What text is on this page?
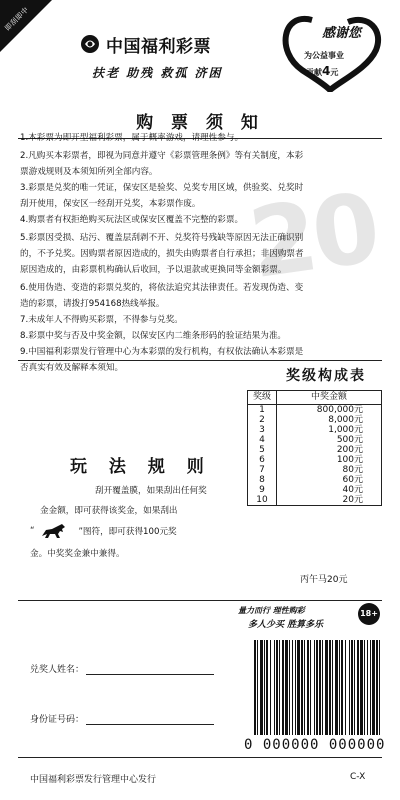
即刮即中
中国福利彩票
扶老 助残 救孤 济困
感谢您
为公益事业
贡献4元
购 票 须 知
20
1.本彩票为即开型福利彩票，属于概率游戏，请理性参与。
2.凡购买本彩票者，即视为同意并遵守《彩票管理条例》等有关制度，本彩
票游戏规则及本须知所列全部内容。
3.彩票是兑奖的唯一凭证，保安区是验奖、兑奖专用区域，供验奖、兑奖时
刮开使用，保安区一经刮开兑奖，本彩票作废。
4.购票者有权拒绝购买玩法区或保安区覆盖不完整的彩票。
5.彩票因受损、玷污、覆盖层刮剥不开、兑奖符号残缺等原因无法正确识别
的，不予兑奖。因购票者原因造成的，损失由购票者自行承担；非因购票者
原因造成的，由彩票机构确认后收回，予以退款或更换同等金额彩票。
6.使用伪造、变造的彩票兑奖的，将依法追究其法律责任。若发现伪造、变
造的彩票，请拨打954168热线举报。
7.未成年人不得购买彩票，不得参与兑奖。
8.彩票中奖与否及中奖金额，以保安区内二维条形码的验证结果为准。
9.中国福利彩票发行管理中心为本彩票的发行机构，有权依法确认本彩票是
否真实有效及解释本须知。	奖级构成表
奖级	中奖金额
1	800,000元
2	8,000元
3	1,000元
4	500元
5	200元
6	100元
7	80元
8	60元
9	40元
10	20元
丙午马20元
玩 法 规 则
刮开覆盖膜，如果刮出任何奖
金金额，即可获得该奖金，如果刮出
“	”图符，即可获得100元奖
金。中奖奖金兼中兼得。
量力而行 理性购彩
多人少买 胜算多乐
18+
兑奖人姓名：
身份证号码：
0 000000 000000
中国福利彩票发行管理中心发行	C-X
